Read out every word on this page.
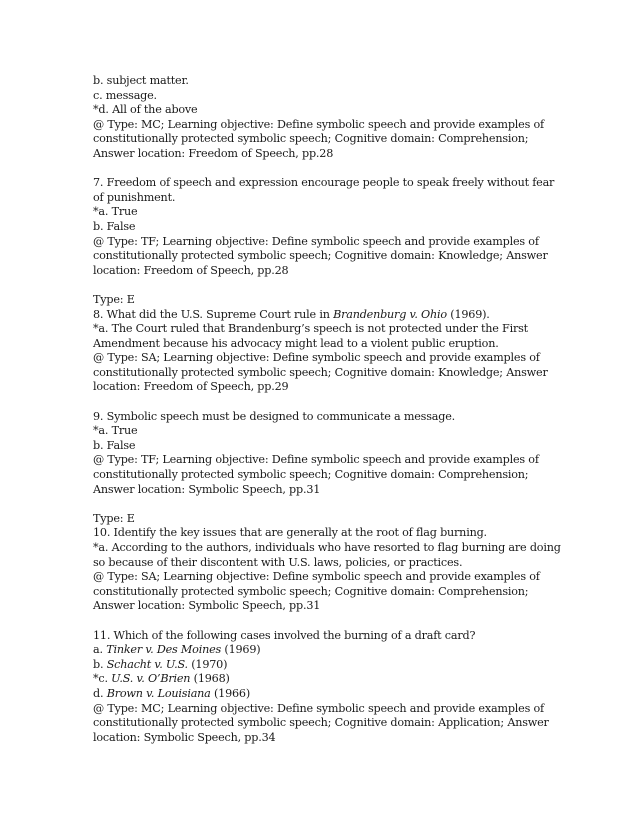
b. subject matter.
c. message.
*d. All of the above
@ Type: MC; Learning objective: Define symbolic speech and provide examples of
constitutionally protected symbolic speech; Cognitive domain: Comprehension;
Answer location: Freedom of Speech, pp.28
7. Freedom of speech and expression encourage people to speak freely without fear
of punishment.
*a. True
b. False
@ Type: TF; Learning objective: Define symbolic speech and provide examples of
constitutionally protected symbolic speech; Cognitive domain: Knowledge; Answer
location: Freedom of Speech, pp.28
Type: E
8. What did the U.S. Supreme Court rule in Brandenburg v. Ohio (1969).
*a. The Court ruled that Brandenburg’s speech is not protected under the First
Amendment because his advocacy might lead to a violent public eruption.
@ Type: SA; Learning objective: Define symbolic speech and provide examples of
constitutionally protected symbolic speech; Cognitive domain: Knowledge; Answer
location: Freedom of Speech, pp.29
9. Symbolic speech must be designed to communicate a message.
*a. True
b. False
@ Type: TF; Learning objective: Define symbolic speech and provide examples of
constitutionally protected symbolic speech; Cognitive domain: Comprehension;
Answer location: Symbolic Speech, pp.31
Type: E
10. Identify the key issues that are generally at the root of flag burning.
*a. According to the authors, individuals who have resorted to flag burning are doing
so because of their discontent with U.S. laws, policies, or practices.
@ Type: SA; Learning objective: Define symbolic speech and provide examples of
constitutionally protected symbolic speech; Cognitive domain: Comprehension;
Answer location: Symbolic Speech, pp.31
11. Which of the following cases involved the burning of a draft card?
a. Tinker v. Des Moines (1969)
b. Schacht v. U.S. (1970)
*c. U.S. v. O’Brien (1968)
d. Brown v. Louisiana (1966)
@ Type: MC; Learning objective: Define symbolic speech and provide examples of
constitutionally protected symbolic speech; Cognitive domain: Application; Answer
location: Symbolic Speech, pp.34
